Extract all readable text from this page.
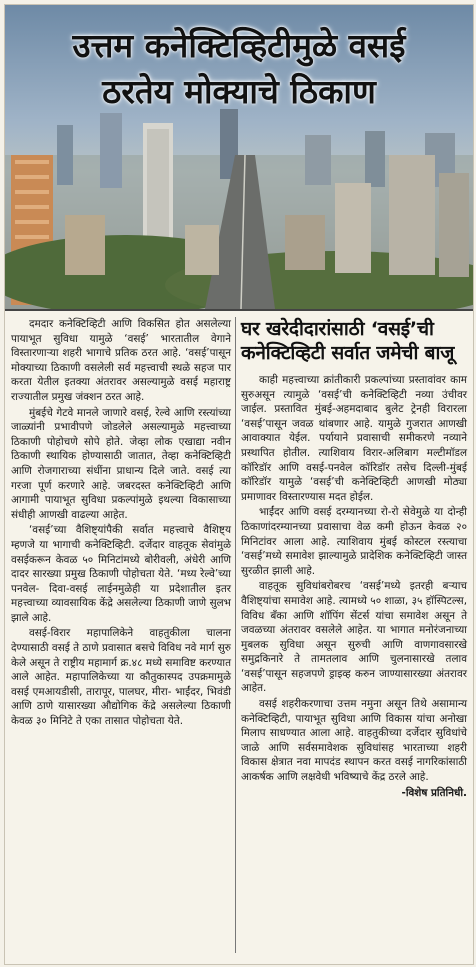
उत्तम कनेक्टिव्हिटीमुळे वसई
ठरतेय मोक्याचे ठिकाण

दमदार कनेक्टिव्हिटी आणि विकसित होत असलेल्या पायाभूत सुविधा यामुळे ‘वसई’ भारतातील वेगाने विस्तारणाऱ्या शहरी भागाचे प्रतिक ठरत आहे. ‘वसई’पासून मोक्याच्या ठिकाणी वसलेली सर्व महत्त्वाची स्थळे सहज पार करता येतील इतक्या अंतरावर असल्यामुळे वसई महाराष्ट्र राज्यातील प्रमुख जंक्शन ठरत आहे.

मुंबईचे गेटवे मानले जाणारे वसई, रेल्वे आणि रस्त्यांच्या जाळ्यांनी प्रभावीपणे जोडलेले असल्यामुळे महत्त्वाच्या ठिकाणी पोहोचणे सोपे होते. जेव्हा लोक एखाद्या नवीन ठिकाणी स्थायिक होण्यासाठी जातात, तेव्हा कनेक्टिव्हिटी आणि रोजगाराच्या संधींना प्राधान्य दिले जाते. वसई त्या गरजा पूर्ण करणारे आहे. जबरदस्त कनेक्टिव्हिटी आणि आगामी पायाभूत सुविधा प्रकल्पांमुळे इथल्या विकासाच्या संधीही आणखी वाढल्या आहेत.

‘वसई’च्या वैशिष्ट्यांपैकी सर्वात महत्त्वाचे वैशिष्ट्य म्हणजे या भागाची कनेक्टिव्हिटी. दर्जेदार वाहतूक सेवांमुळे वसईकरून केवळ ५० मिनिटांमध्ये बोरीवली, अंधेरी आणि दादर सारख्या प्रमुख ठिकाणी पोहोचता येते. ‘मध्य रेल्वे’च्या पनवेल- दिवा-वसई लाईनमुळेही या प्रदेशातील इतर महत्त्वाच्या व्यावसायिक केंद्रे असलेल्या ठिकाणी जाणे सुलभ झाले आहे.

वसई-विरार महापालिकेने वाहतुकीला चालना देण्यासाठी वसई ते ठाणे प्रवासात बसचे विविध नवे मार्ग सुरु केले असून ते राष्ट्रीय महामार्ग क्र.४८ मध्ये समाविष्ट करण्यात आले आहेत. महापालिकेच्या या कौतुकास्पद उपक्रमामुळे वसई एमआयडीसी, तारापूर, पालघर, मीरा- भाईंदर, भिवंडी आणि ठाणे यासारख्या औद्योगिक केंद्रे असलेल्या ठिकाणी केवळ ३० मिनिटे ते एका तासात पोहोचता येते.

घर खरेदीदारांसाठी ‘वसई’ची कनेक्टिव्हिटी सर्वात जमेची बाजू

काही महत्त्वाच्या क्रांतीकारी प्रकल्पांच्या प्रस्तावांवर काम सुरुअसून त्यामुळे ‘वसई’ची कनेक्टिव्हिटी नव्या उंचीवर जाईल. प्रस्तावित मुंबई-अहमदाबाद बुलेट ट्रेनही विरारला ‘वसई’पासून जवळ थांबणार आहे. यामुळे गुजरात आणखी आवाक्यात येईल. पर्यायाने प्रवासाची समीकरणे नव्याने प्रस्थापित होतील. त्याशिवाय विरार-अलिबाग मल्टीमॉडल कॉरिडॉर आणि वसई-पनवेल कॉरिडॉर तसेच दिल्ली-मुंबई कॉरिडॉर यामुळे ‘वसई’ची कनेक्टिव्हिटी आणखी मोठ्या प्रमाणावर विस्तारण्यास मदत होईल.

भाईंदर आणि वसई दरम्यानच्या रो-रो सेवेमुळे या दोन्ही ठिकाणांदरम्यानच्या प्रवासाचा वेळ कमी होऊन केवळ २० मिनिटांवर आला आहे. त्याशिवाय मुंबई कोस्टल रस्त्याचा ‘वसई’मध्ये समावेश झाल्यामुळे प्रादेशिक कनेक्टिव्हिटी जास्त सुरळीत झाली आहे.

वाहतूक सुविधांबरोबरच ‘वसई’मध्ये इतरही बऱ्याच वैशिष्ट्यांचा समावेश आहे. त्यामध्ये ५० शाळा, ३५ हॉस्पिटल्स, विविध बँका आणि शॉपिंग सेंटर्स यांचा समावेश असून ते जवळच्या अंतरावर वसलेले आहेत. या भागात मनोरंजनाच्या मुबलक सुविधा असून सुरुची आणि वाणगावसारखे समुद्रकिनारे ते तामतलाव आणि चुलनासारखे तलाव ‘वसई’पासून सहजपणे ड्राइव्ह करुन जाण्यासारख्या अंतरावर आहेत.

वसई शहरीकरणाचा उत्तम नमुना असून तिथे असामान्य कनेक्टिव्हिटी, पायाभूत सुविधा आणि विकास यांचा अनोखा मिलाप साधण्यात आला आहे. वाहतुकीच्या दर्जेदार सुविधांचे जाळे आणि सर्वसमावेशक सुविधांसह भारताच्या शहरी विकास क्षेत्रात नवा मापदंड स्थापन करत वसई नागरिकांसाठी आकर्षक आणि लक्षवेधी भविष्याचे केंद्र ठरले आहे.

-विशेष प्रतिनिधी.
